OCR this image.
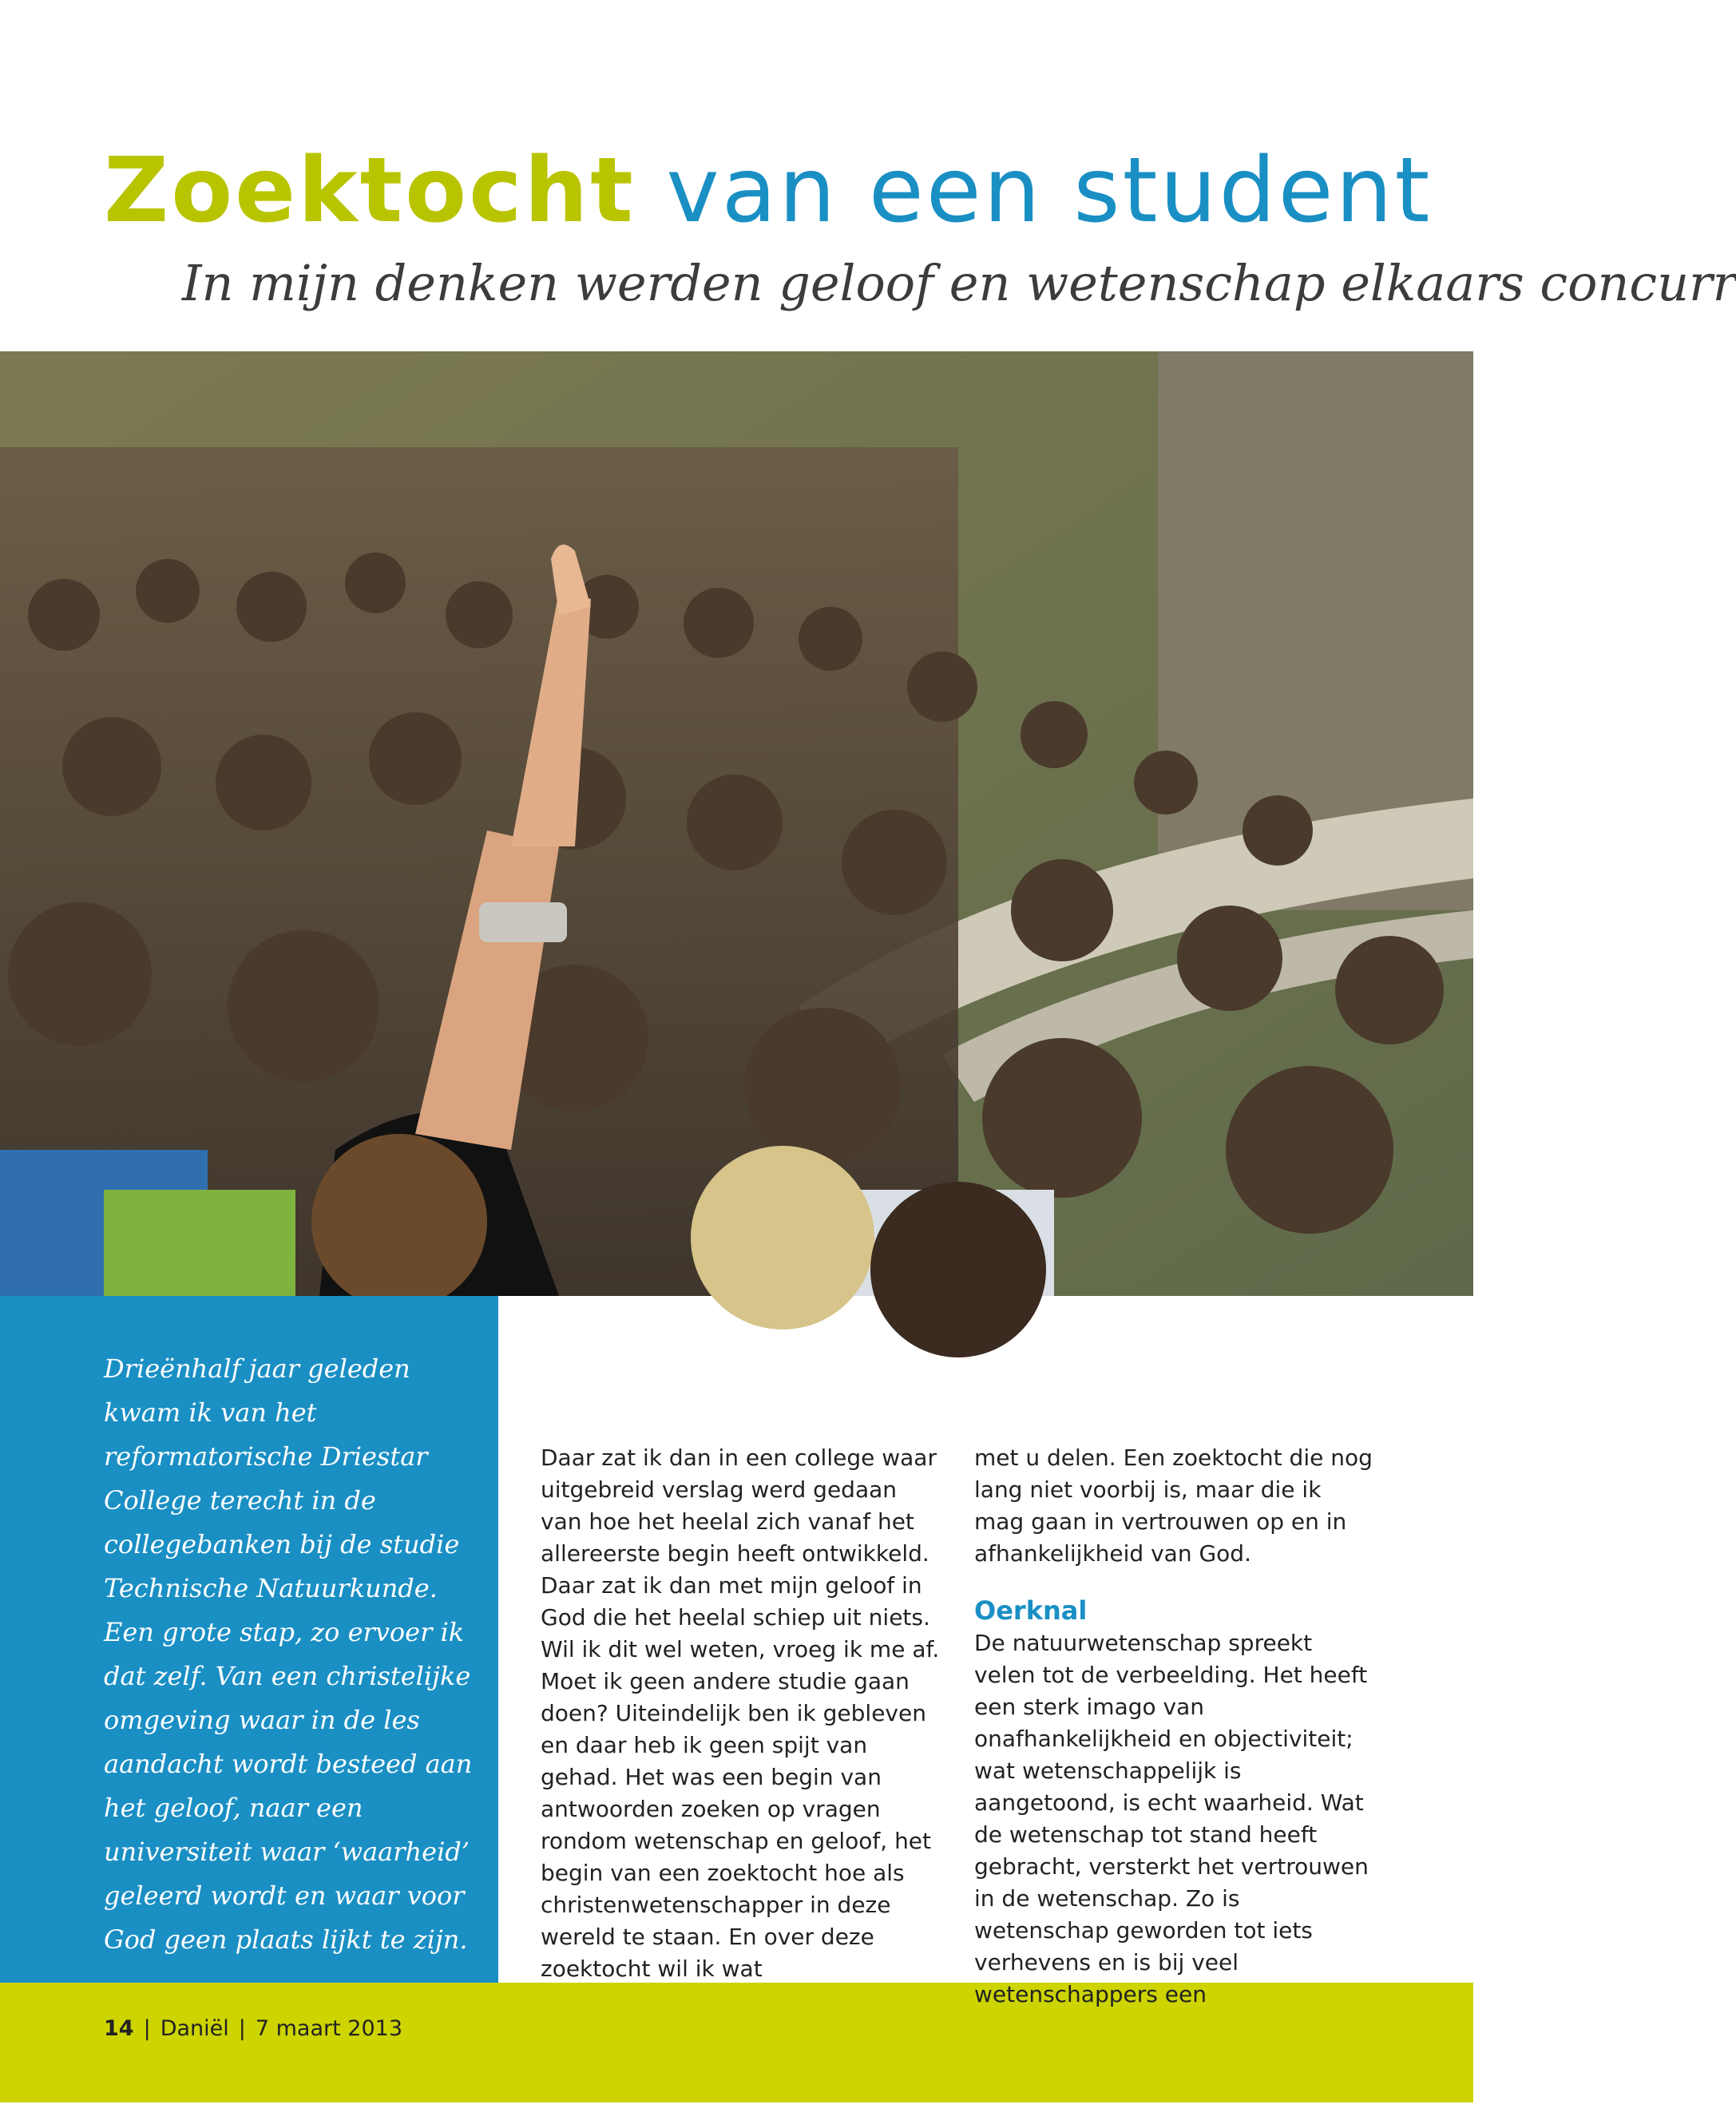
Zoektocht van een student

In mijn denken werden geloof en wetenschap elkaars concurr

Drieënhalf jaar geleden kwam ik van het reformatorische Driestar College terecht in de collegebanken bij de studie Technische Natuurkunde. Een grote stap, zo ervoer ik dat zelf. Van een christelijke omgeving waar in de les aandacht wordt besteed aan het geloof, naar een universiteit waar ‘waarheid’ geleerd wordt en waar voor God geen plaats lijkt te zijn.

Daar zat ik dan in een college waar uitgebreid verslag werd gedaan van hoe het heelal zich vanaf het allereerste begin heeft ontwikkeld. Daar zat ik dan met mijn geloof in God die het heelal schiep uit niets. Wil ik dit wel weten, vroeg ik me af. Moet ik geen andere studie gaan doen? Uiteindelijk ben ik gebleven en daar heb ik geen spijt van gehad. Het was een begin van antwoorden zoeken op vragen rondom wetenschap en geloof, het begin van een zoektocht hoe als christenwetenschapper in deze wereld te staan. En over deze zoektocht wil ik wat

met u delen. Een zoektocht die nog lang niet voorbij is, maar die ik mag gaan in vertrouwen op en in afhankelijkheid van God.

Oerknal

De natuurwetenschap spreekt velen tot de verbeelding. Het heeft een sterk imago van onafhankelijkheid en objectiviteit; wat wetenschappelijk is aangetoond, is echt waarheid. Wat de wetenschap tot stand heeft gebracht, versterkt het vertrouwen in de wetenschap. Zo is wetenschap geworden tot iets verhevens en is bij veel wetenschappers een

14 | Daniël | 7 maart 2013
